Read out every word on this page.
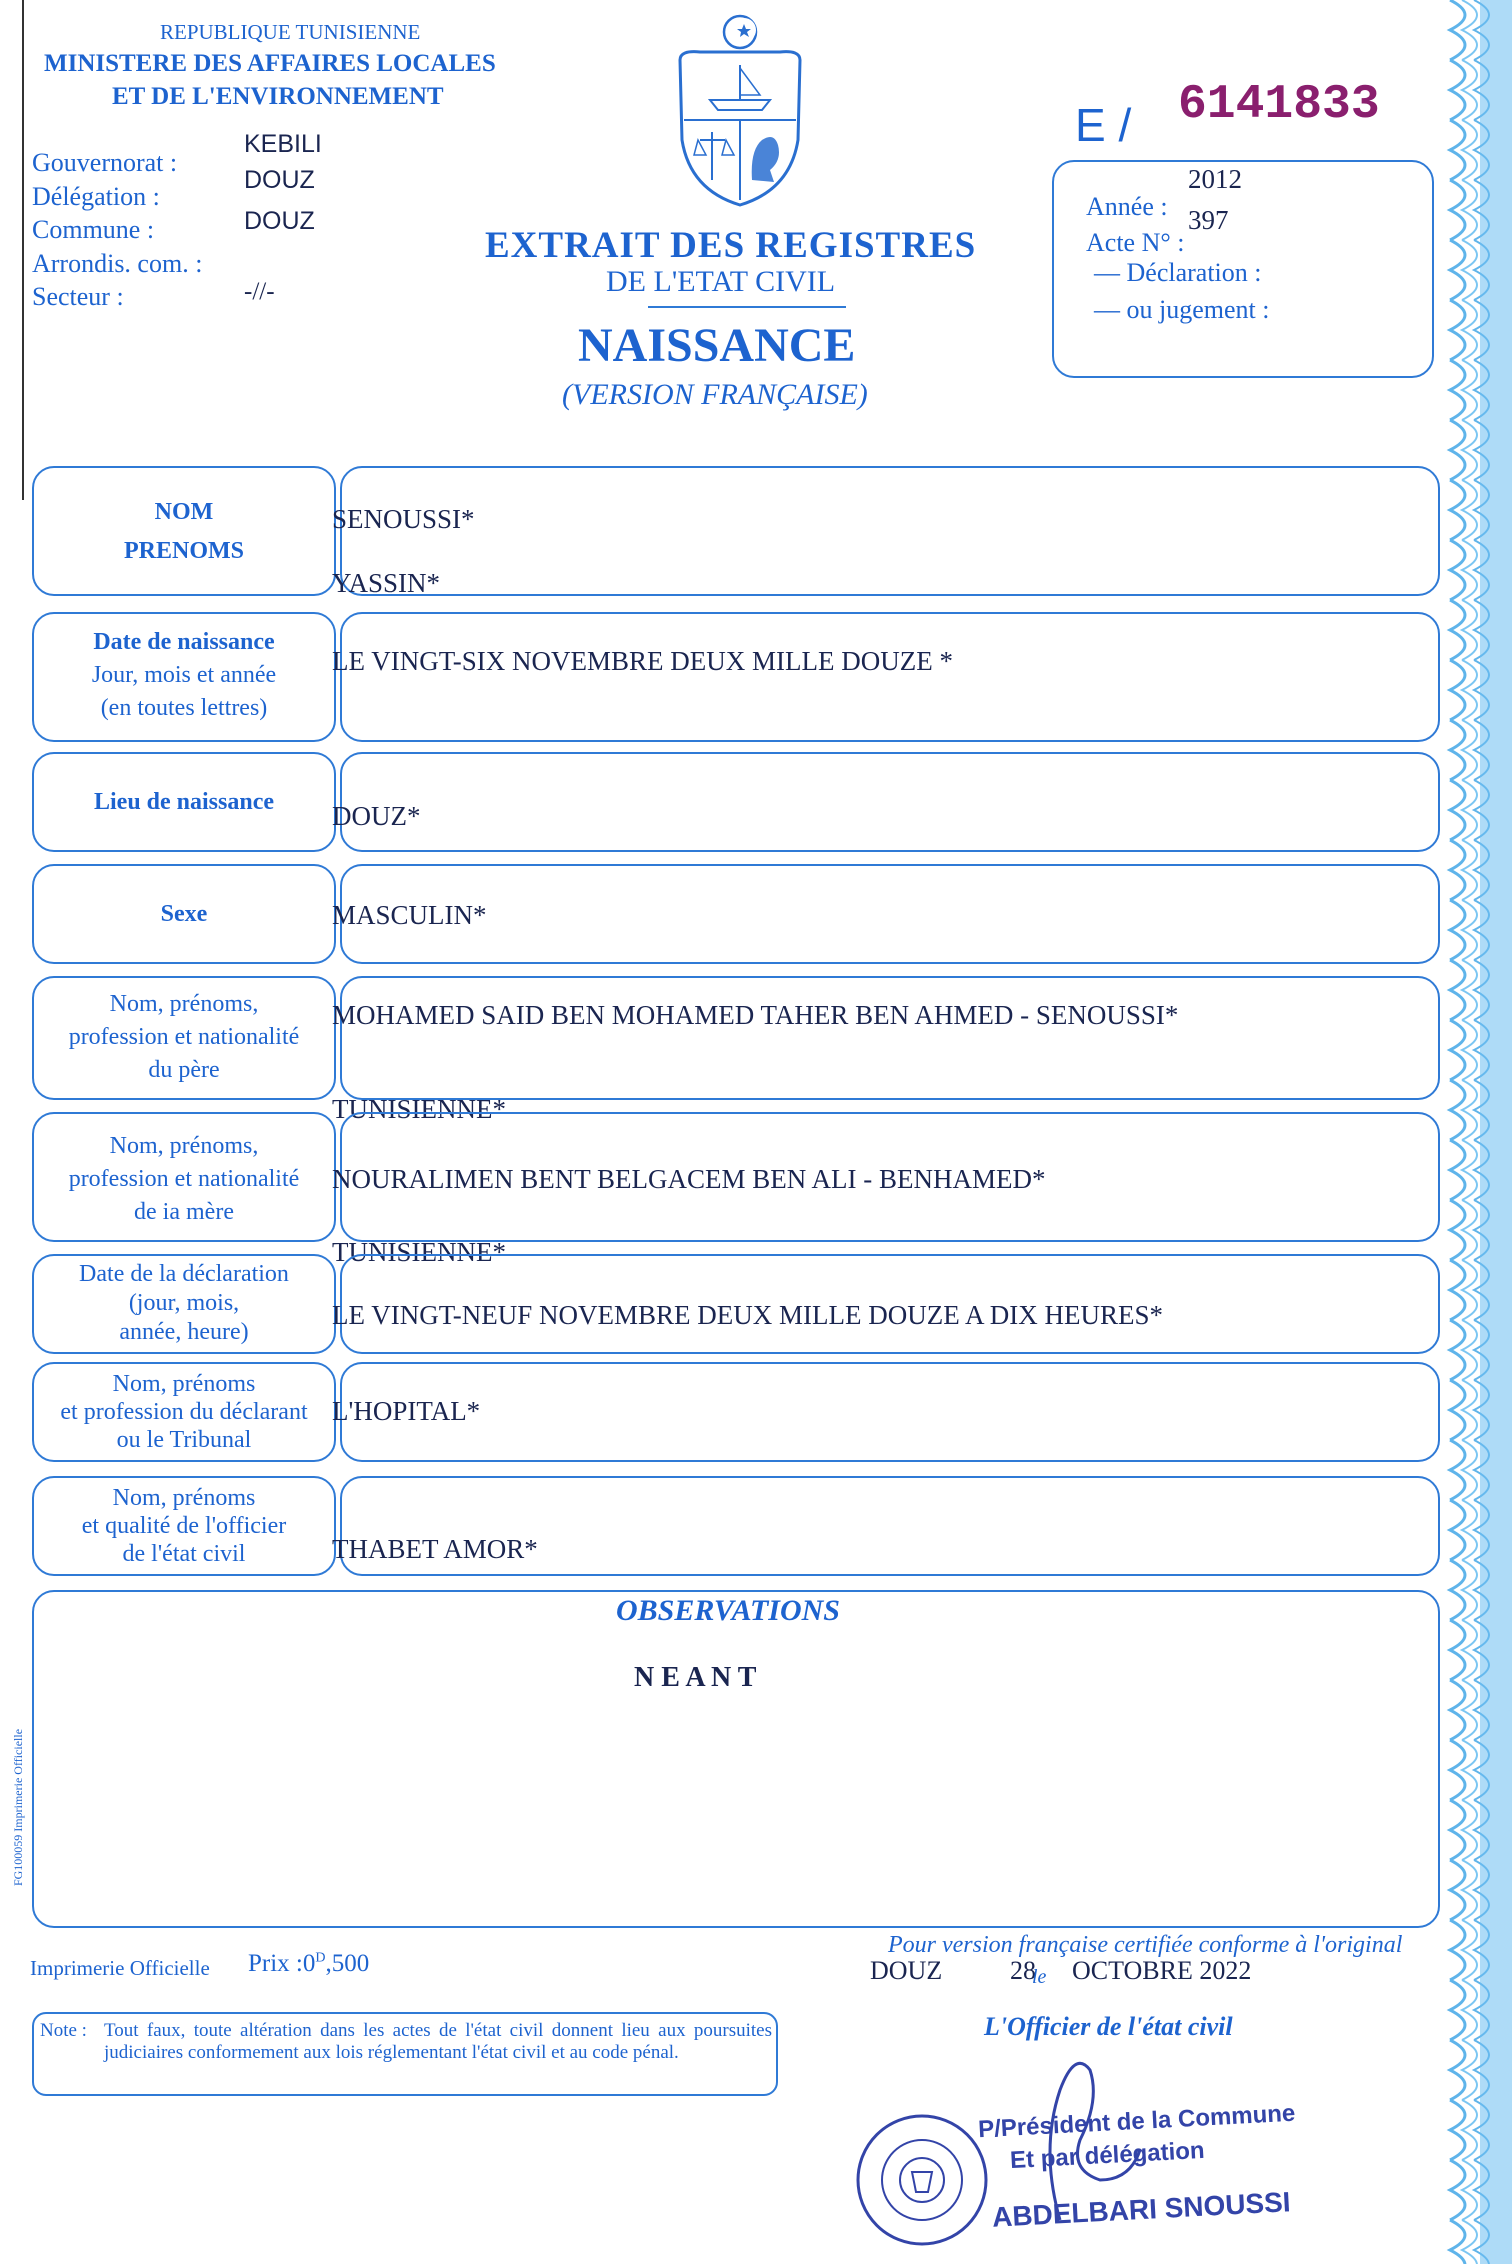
REPUBLIQUE TUNISIENNE
MINISTERE DES AFFAIRES LOCALES
ET DE L'ENVIRONNEMENT
Gouvernorat :
KEBILI
Délégation :
DOUZ
Commune :	DOUZ
Arrondis. com. :
Secteur :	-//-
EXTRAIT DES REGISTRES
DE L'ETAT CIVIL
NAISSANCE
(VERSION FRANÇAISE)
E / 6141833
Année :
2012
Acte N° :
397
— Déclaration :
— ou jugement :
NOM
PRENOMS
SENOUSSI*
YASSIN*
Date de naissance
Jour, mois et année
(en toutes lettres)
LE VINGT-SIX NOVEMBRE DEUX MILLE DOUZE *
Lieu de naissance	DOUZ*
Sexe	MASCULIN*
Nom, prénoms,
profession et nationalité
du père
MOHAMED SAID BEN MOHAMED TAHER BEN AHMED - SENOUSSI*
TUNISIENNE*
Nom, prénoms,
profession et nationalité
de ia mère
NOURALIMEN BENT BELGACEM BEN ALI - BENHAMED*
TUNISIENNE*
Date de la déclaration
(jour, mois,
année, heure)
LE VINGT-NEUF NOVEMBRE DEUX MILLE DOUZE A DIX HEURES*
Nom, prénoms
et profession du déclarant
ou le Tribunal
L'HOPITAL*
Nom, prénoms
et qualité de l'officier
de l'état civil	THABET AMOR*
OBSERVATIONS
N E A N T
FG100059 Imprimerie Officielle
Imprimerie Officielle Prix $:0^D,500$
Pour version française certifiée conforme à l'original
DOUZ	28
le OCTOBRE 2022
L'Officier de l'état civil
Note : Tout faux, toute altération dans les actes de l'état civil donnent lieu aux poursuites judiciaires conformement aux lois réglementant l'état civil et au code pénal.
P/Président de la Commune
Et par délégation
ABDELBARI SNOUSSI
